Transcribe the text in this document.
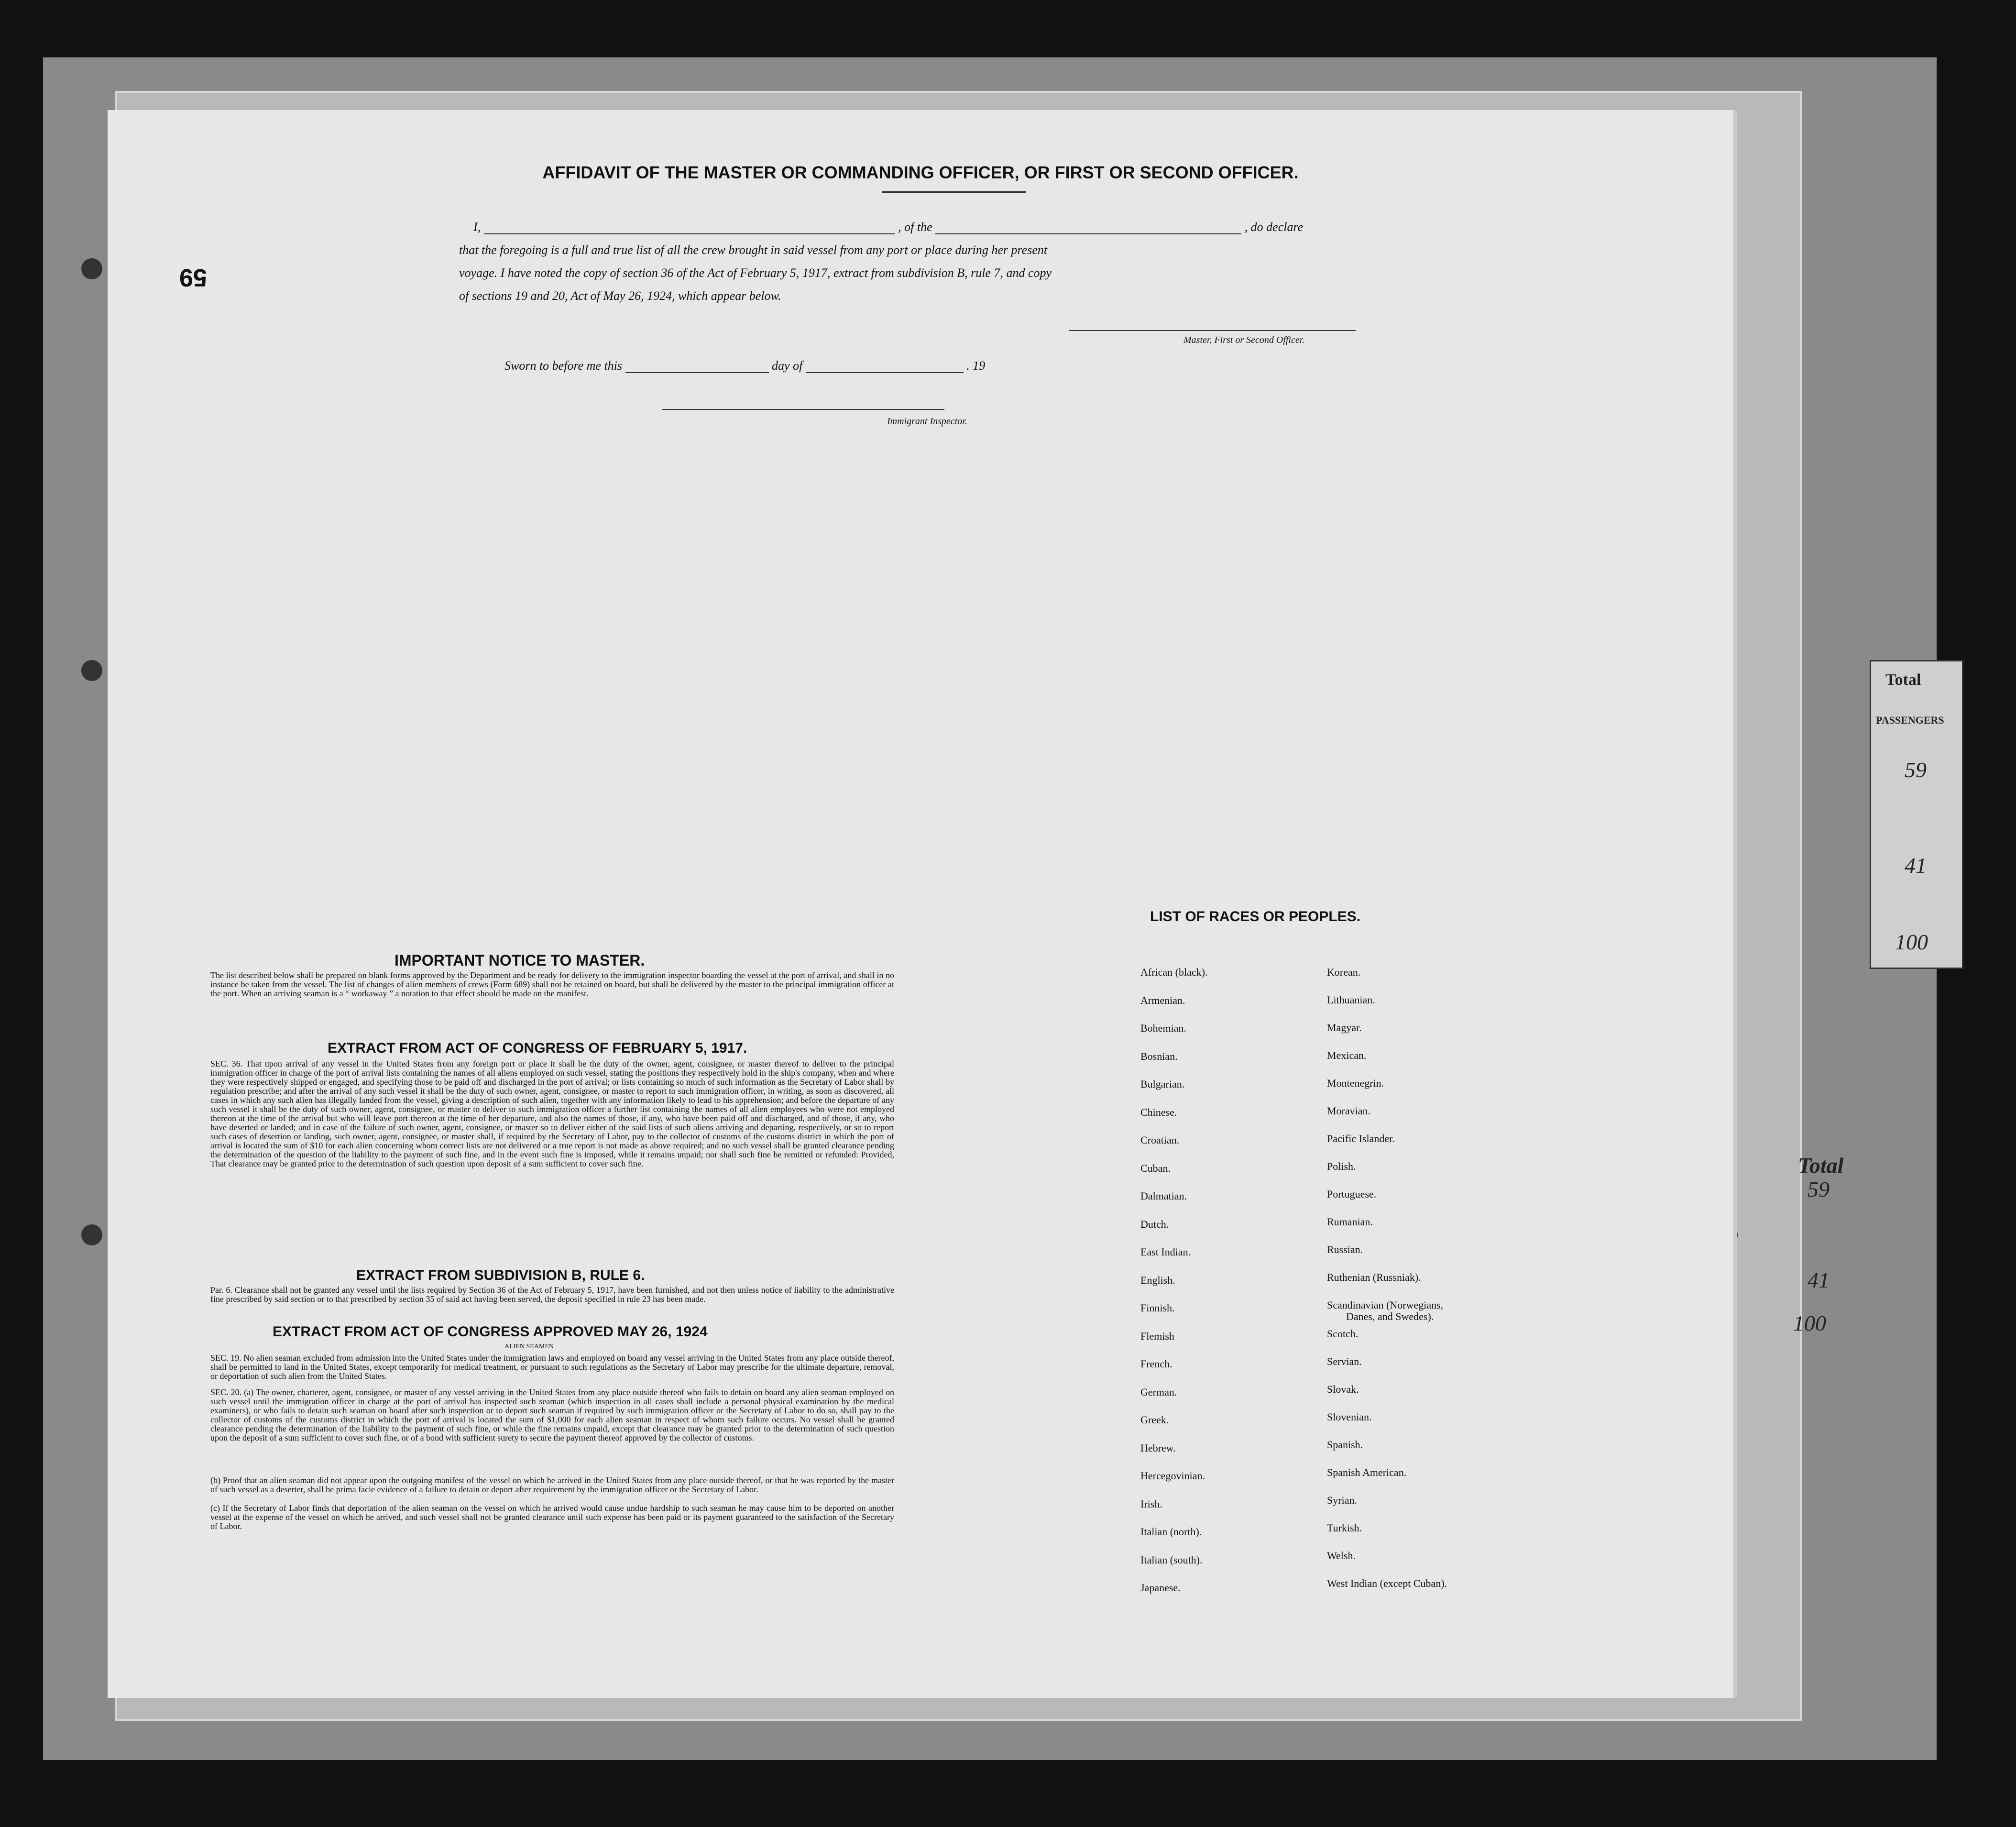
Total
PASSENGERS
59
41
100
Total
59
41
100
59
AFFIDAVIT OF THE MASTER OR COMMANDING OFFICER, OR FIRST OR SECOND OFFICER.
I,	, of the	, do declare
that the foregoing is a full and true list of all the crew brought in said vessel from any port or place during her present
voyage. I have noted the copy of section 36 of the Act of February 5, 1917, extract from subdivision B, rule 7, and copy
of sections 19 and 20, Act of May 26, 1924, which appear below.
Master, First or Second Officer.
Sworn to before me this	day of	. 19
Immigrant Inspector.
IMPORTANT NOTICE TO MASTER.
The list described below shall be prepared on blank forms approved by the Department and be ready for delivery to the immigration inspector boarding the vessel at the port of arrival, and shall in no instance be taken from the vessel. The list of changes of alien members of crews (Form 689) shall not be retained on board, but shall be delivered by the master to the principal immigration officer at the port. When an arriving seaman is a “ workaway ” a notation to that effect should be made on the manifest.
EXTRACT FROM ACT OF CONGRESS OF FEBRUARY 5, 1917.
SEC. 36. That upon arrival of any vessel in the United States from any foreign port or place it shall be the duty of the owner, agent, consignee, or master thereof to deliver to the principal immigration officer in charge of the port of arrival lists containing the names of all aliens employed on such vessel, stating the positions they respectively hold in the ship's company, when and where they were respectively shipped or engaged, and specifying those to be paid off and discharged in the port of arrival; or lists containing so much of such information as the Secretary of Labor shall by regulation prescribe; and after the arrival of any such vessel it shall be the duty of such owner, agent, consignee, or master to report to such immigration officer, in writing, as soon as discovered, all cases in which any such alien has illegally landed from the vessel, giving a description of such alien, together with any information likely to lead to his apprehension; and before the departure of any such vessel it shall be the duty of such owner, agent, consignee, or master to deliver to such immigration officer a further list containing the names of all alien employees who were not employed thereon at the time of the arrival but who will leave port thereon at the time of her departure, and also the names of those, if any, who have been paid off and discharged, and of those, if any, who have deserted or landed; and in case of the failure of such owner, agent, consignee, or master so to deliver either of the said lists of such aliens arriving and departing, respectively, or so to report such cases of desertion or landing, such owner, agent, consignee, or master shall, if required by the Secretary of Labor, pay to the collector of customs of the customs district in which the port of arrival is located the sum of $10 for each alien concerning whom correct lists are not delivered or a true report is not made as above required; and no such vessel shall be granted clearance pending the determination of the question of the liability to the payment of such fine, and in the event such fine is imposed, while it remains unpaid; nor shall such fine be remitted or refunded: Provided, That clearance may be granted prior to the determination of such question upon deposit of a sum sufficient to cover such fine.
EXTRACT FROM SUBDIVISION B, RULE 6.
Par. 6. Clearance shall not be granted any vessel until the lists required by Section 36 of the Act of February 5, 1917, have been furnished, and not then unless notice of liability to the administrative fine prescribed by said section or to that prescribed by section 35 of said act having been served, the deposit specified in rule 23 has been made.
EXTRACT FROM ACT OF CONGRESS APPROVED MAY 26, 1924
ALIEN SEAMEN
SEC. 19. No alien seaman excluded from admission into the United States under the immigration laws and employed on board any vessel arriving in the United States from any place outside thereof, shall be permitted to land in the United States, except temporarily for medical treatment, or pursuant to such regulations as the Secretary of Labor may prescribe for the ultimate departure, removal, or deportation of such alien from the United States.
SEC. 20. (a) The owner, charterer, agent, consignee, or master of any vessel arriving in the United States from any place outside thereof who fails to detain on board any alien seaman employed on such vessel until the immigration officer in charge at the port of arrival has inspected such seaman (which inspection in all cases shall include a personal physical examination by the medical examiners), or who fails to detain such seaman on board after such inspection or to deport such seaman if required by such immigration officer or the Secretary of Labor to do so, shall pay to the collector of customs of the customs district in which the port of arrival is located the sum of $1,000 for each alien seaman in respect of whom such failure occurs. No vessel shall be granted clearance pending the determination of the liability to the payment of such fine, or while the fine remains unpaid, except that clearance may be granted prior to the determination of such question upon the deposit of a sum sufficient to cover such fine, or of a bond with sufficient surety to secure the payment thereof approved by the collector of customs.
(b) Proof that an alien seaman did not appear upon the outgoing manifest of the vessel on which he arrived in the United States from any place outside thereof, or that he was reported by the master of such vessel as a deserter, shall be prima facie evidence of a failure to detain or deport after requirement by the immigration officer or the Secretary of Labor.
(c) If the Secretary of Labor finds that deportation of the alien seaman on the vessel on which he arrived would cause undue hardship to such seaman he may cause him to be deported on another vessel at the expense of the vessel on which he arrived, and such vessel shall not be granted clearance until such expense has been paid or its payment guaranteed to the satisfaction of the Secretary of Labor.
LIST OF RACES OR PEOPLES.
African (black).
Armenian.
Bohemian.
Bosnian.
Bulgarian.
Chinese.
Croatian.
Cuban.
Dalmatian.
Dutch.
East Indian.
English.
Finnish.
Flemish
French.
German.
Greek.
Hebrew.
Hercegovinian.
Irish.
Italian (north).
Italian (south).
Japanese.
Korean.
Lithuanian.
Magyar.
Mexican.
Montenegrin.
Moravian.
Pacific Islander.
Polish.
Portuguese.
Rumanian.
Russian.
Ruthenian (Russniak).
Scandinavian (Norwegians,
Danes, and Swedes).
Scotch.
Servian.
Slovak.
Slovenian.
Spanish.
Spanish American.
Syrian.
Turkish.
Welsh.
West Indian (except Cuban).
